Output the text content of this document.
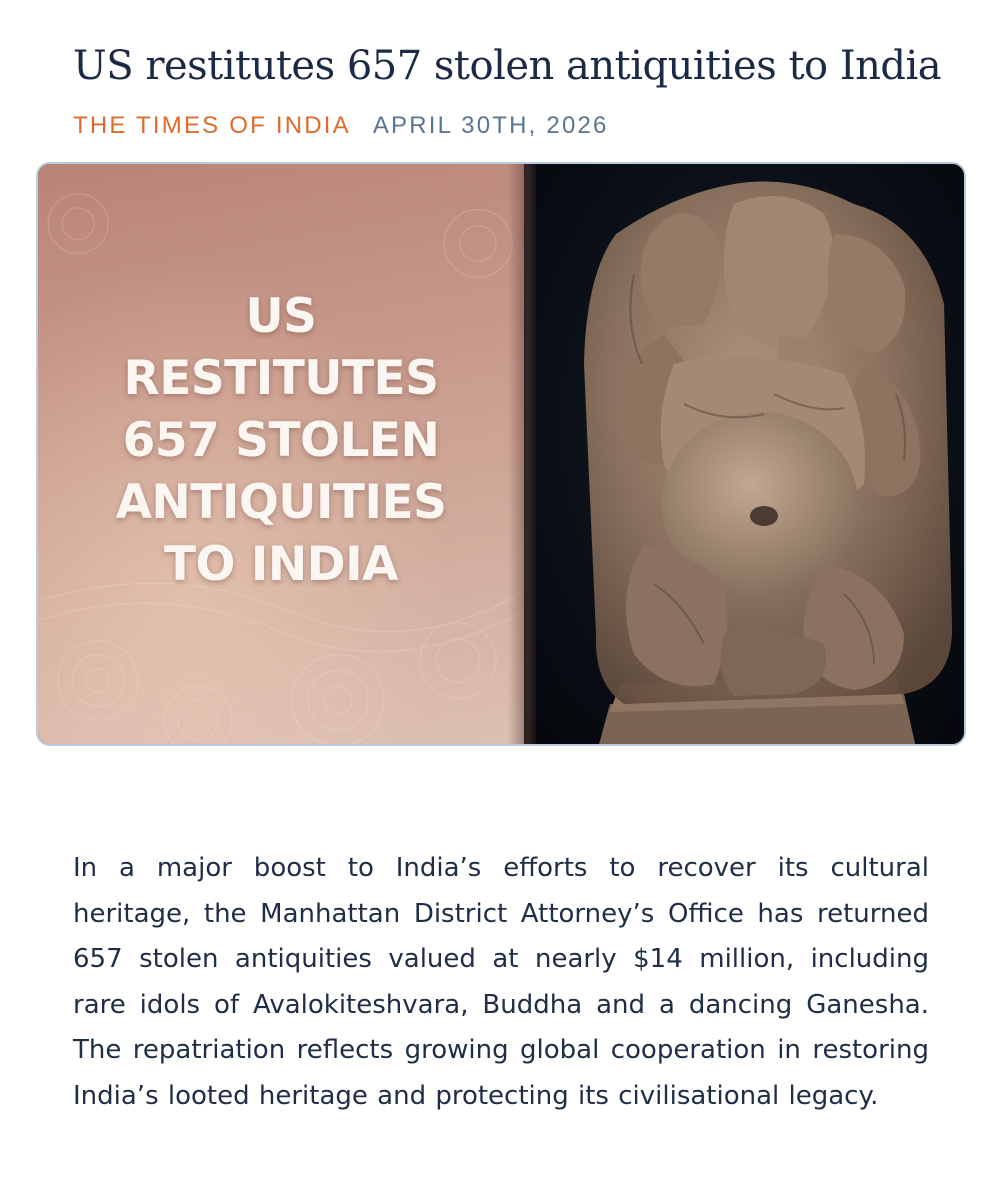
US restitutes 657 stolen antiquities to India
THE TIMES OF INDIA APRIL 30TH, 2026
US
RESTITUTES
657 STOLEN
ANTIQUITIES
TO INDIA

In a major boost to India’s efforts to recover its cultural heritage, the Manhattan District Attorney’s Office has returned 657 stolen antiquities valued at nearly $14 million, including rare idols of Avalokiteshvara, Buddha and a dancing Ganesha. The repatriation reflects growing global cooperation in restoring India’s looted heritage and protecting its civilisational legacy.
